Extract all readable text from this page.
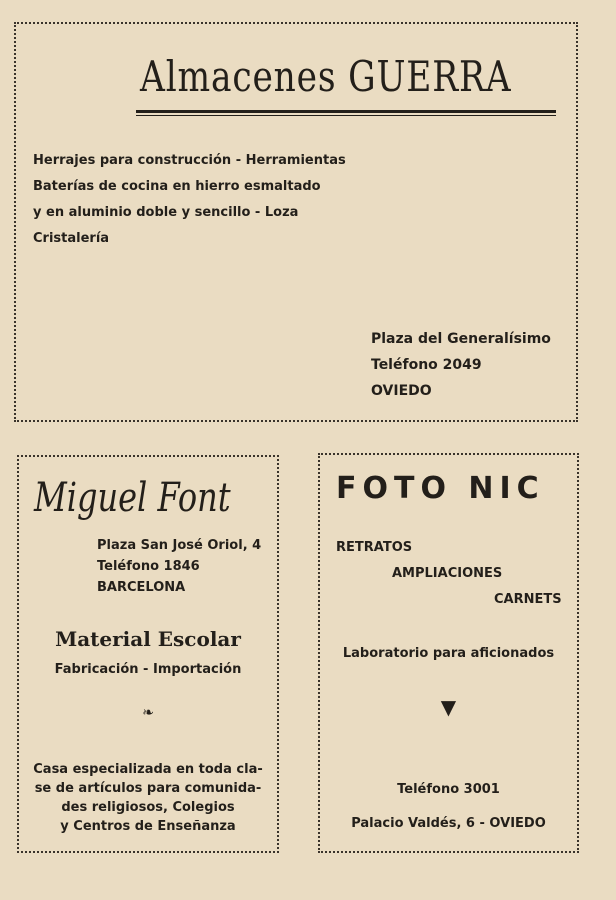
Almacenes GUERRA
Herrajes para construcción - Herramientas
Baterías de cocina en hierro esmaltado
y en aluminio doble y sencillo - Loza
Cristalería
Plaza del Generalísimo
Teléfono 2049
OVIEDO
Miguel Font
Plaza San José Oriol, 4
Teléfono 1846
BARCELONA
Material Escolar
Fabricación - Importación
❧
Casa especializada en toda cla-
se de artículos para comunida-
des religiosos, Colegios
y Centros de Enseñanza
FOTO NIC
RETRATOS
AMPLIACIONES
CARNETS
Laboratorio para aficionados
▼
Teléfono 3001
Palacio Valdés, 6 - OVIEDO
